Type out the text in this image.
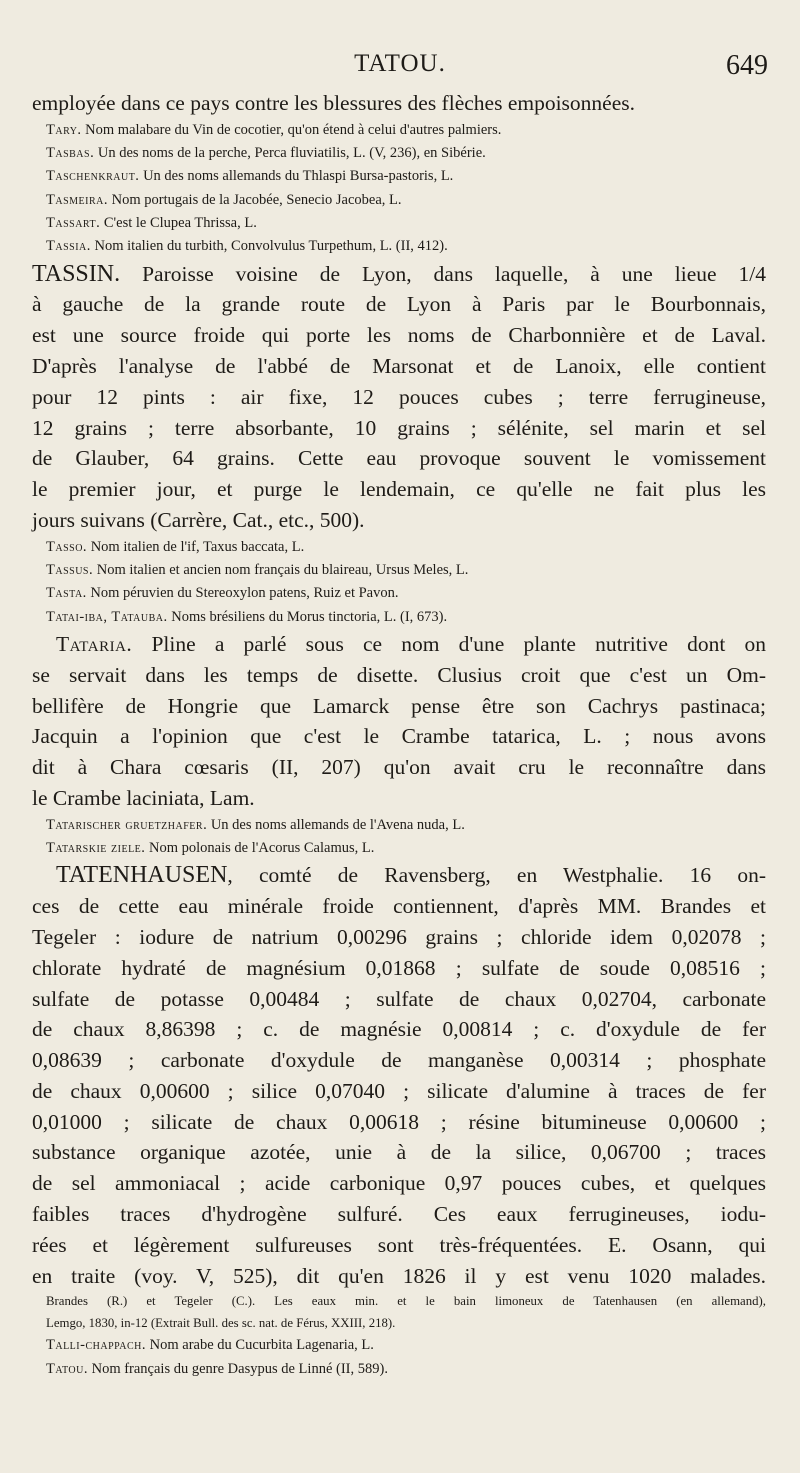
TATOU.	649

employée dans ce pays contre les blessures des flèches empoisonnées.

Tary. Nom malabare du Vin de cocotier, qu'on étend à celui d'autres palmiers.

Tasbas. Un des noms de la perche, Perca fluviatilis, L. (V, 236), en Sibérie.

Taschenkraut. Un des noms allemands du Thlaspi Bursa-pastoris, L.

Tasmeira. Nom portugais de la Jacobée, Senecio Jacobea, L.

Tassart. C'est le Clupea Thrissa, L.

Tassia. Nom italien du turbith, Convolvulus Turpethum, L. (II, 412).

TASSIN. Paroisse voisine de Lyon, dans laquelle, à une lieue 1/4

à gauche de la grande route de Lyon à Paris par le Bourbonnais,

est une source froide qui porte les noms de Charbonnière et de Laval.

D'après l'analyse de l'abbé de Marsonat et de Lanoix, elle contient

pour 12 pints : air fixe, 12 pouces cubes ; terre ferrugineuse,

12 grains ; terre absorbante, 10 grains ; sélénite, sel marin et sel

de Glauber, 64 grains. Cette eau provoque souvent le vomissement

le premier jour, et purge le lendemain, ce qu'elle ne fait plus les

jours suivans (Carrère, Cat., etc., 500).

Tasso. Nom italien de l'if, Taxus baccata, L.

Tassus. Nom italien et ancien nom français du blaireau, Ursus Meles, L.

Tasta. Nom péruvien du Stereoxylon patens, Ruiz et Pavon.

Tatai-iba, Tatauba. Noms brésiliens du Morus tinctoria, L. (I, 673).

Tataria. Pline a parlé sous ce nom d'une plante nutritive dont on

se servait dans les temps de disette. Clusius croit que c'est un Om-

bellifère de Hongrie que Lamarck pense être son Cachrys pastinaca;

Jacquin a l'opinion que c'est le Crambe tatarica, L. ; nous avons

dit à Chara cœsaris (II, 207) qu'on avait cru le reconnaître dans

le Crambe laciniata, Lam.

Tatarischer gruetzhafer. Un des noms allemands de l'Avena nuda, L.

Tatarskie ziele. Nom polonais de l'Acorus Calamus, L.

TATENHAUSEN, comté de Ravensberg, en Westphalie. 16 on-

ces de cette eau minérale froide contiennent, d'après MM. Brandes et

Tegeler : iodure de natrium 0,00296 grains ; chloride idem 0,02078 ;

chlorate hydraté de magnésium 0,01868 ; sulfate de soude 0,08516 ;

sulfate de potasse 0,00484 ; sulfate de chaux 0,02704, carbonate

de chaux 8,86398 ; c. de magnésie 0,00814 ; c. d'oxydule de fer

0,08639 ; carbonate d'oxydule de manganèse 0,00314 ; phosphate

de chaux 0,00600 ; silice 0,07040 ; silicate d'alumine à traces de fer

0,01000 ; silicate de chaux 0,00618 ; résine bitumineuse 0,00600 ;

substance organique azotée, unie à de la silice, 0,06700 ; traces

de sel ammoniacal ; acide carbonique 0,97 pouces cubes, et quelques

faibles traces d'hydrogène sulfuré. Ces eaux ferrugineuses, iodu-

rées et légèrement sulfureuses sont très-fréquentées. E. Osann, qui

en traite (voy. V, 525), dit qu'en 1826 il y est venu 1020 malades.

Brandes (R.) et Tegeler (C.). Les eaux min. et le bain limoneux de Tatenhausen (en allemand),

Lemgo, 1830, in-12 (Extrait Bull. des sc. nat. de Férus, XXIII, 218).

Talli-chappach. Nom arabe du Cucurbita Lagenaria, L.

Tatou. Nom français du genre Dasypus de Linné (II, 589).
